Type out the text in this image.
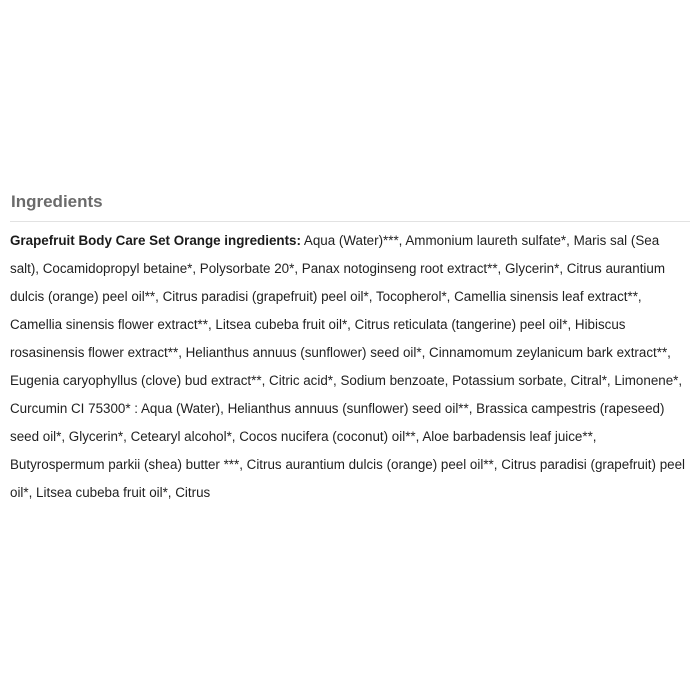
Ingredients

Grapefruit Body Care Set Orange ingredients: Aqua (Water)***, Ammonium laureth sulfate*, Maris sal (Sea salt), Cocamidopropyl betaine*, Polysorbate 20*, Panax notoginseng root extract**, Glycerin*, Citrus aurantium dulcis (orange) peel oil**, Citrus paradisi (grapefruit) peel oil*, Tocopherol*, Camellia sinensis leaf extract**, Camellia sinensis flower extract**, Litsea cubeba fruit oil*, Citrus reticulata (tangerine) peel oil*, Hibiscus rosasinensis flower extract**, Helianthus annuus (sunflower) seed oil*, Cinnamomum zeylanicum bark extract**, Eugenia caryophyllus (clove) bud extract**, Citric acid*, Sodium benzoate, Potassium sorbate, Citral*, Limonene*, Curcumin CI 75300* : Aqua (Water), Helianthus annuus (sunflower) seed oil**, Brassica campestris (rapeseed) seed oil*, Glycerin*, Cetearyl alcohol*, Cocos nucifera (coconut) oil**, Aloe barbadensis leaf juice**, Butyrospermum parkii (shea) butter ***, Citrus aurantium dulcis (orange) peel oil**, Citrus paradisi (grapefruit) peel oil*, Litsea cubeba fruit oil*, Citrus
